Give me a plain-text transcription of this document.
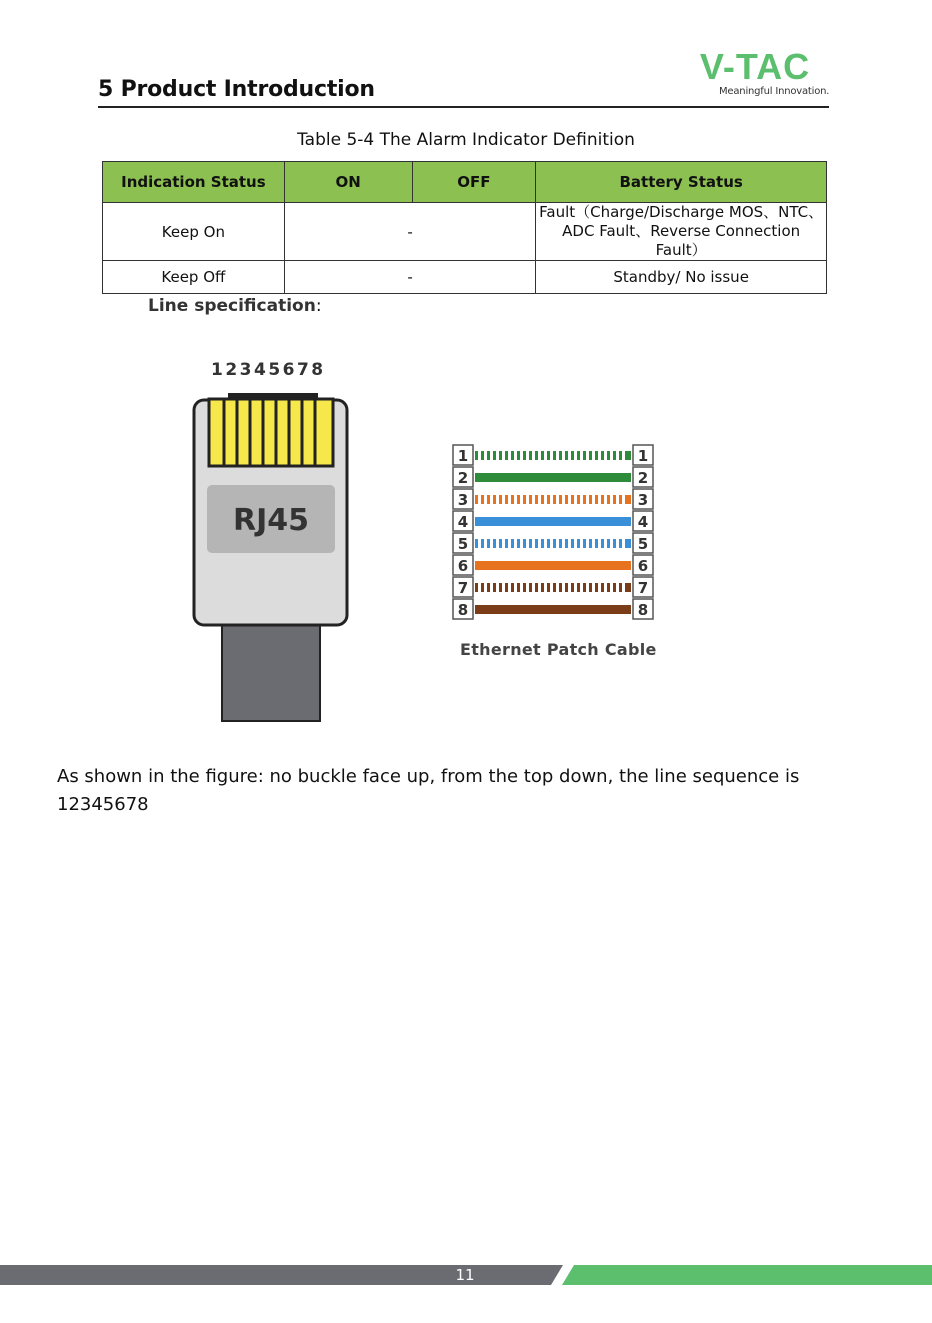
5 Product Introduction
V-TAC
Meaningful Innovation.
Table 5-4 The Alarm Indicator Definition
Indication Status	ON	OFF	Battery Status
Keep On	-		Fault（Charge/Discharge MOS、NTC、
ADC Fault、Reverse Connection Fault）
Keep Off	-		Standby/ No issue
Line specification:
12345678
RJ45
1	1
2	2
3	3
4	4
5	5
6	6
7	7
8	8
Ethernet Patch Cable
As shown in the figure: no buckle face up, from the top down, the line sequence is 12345678
11
